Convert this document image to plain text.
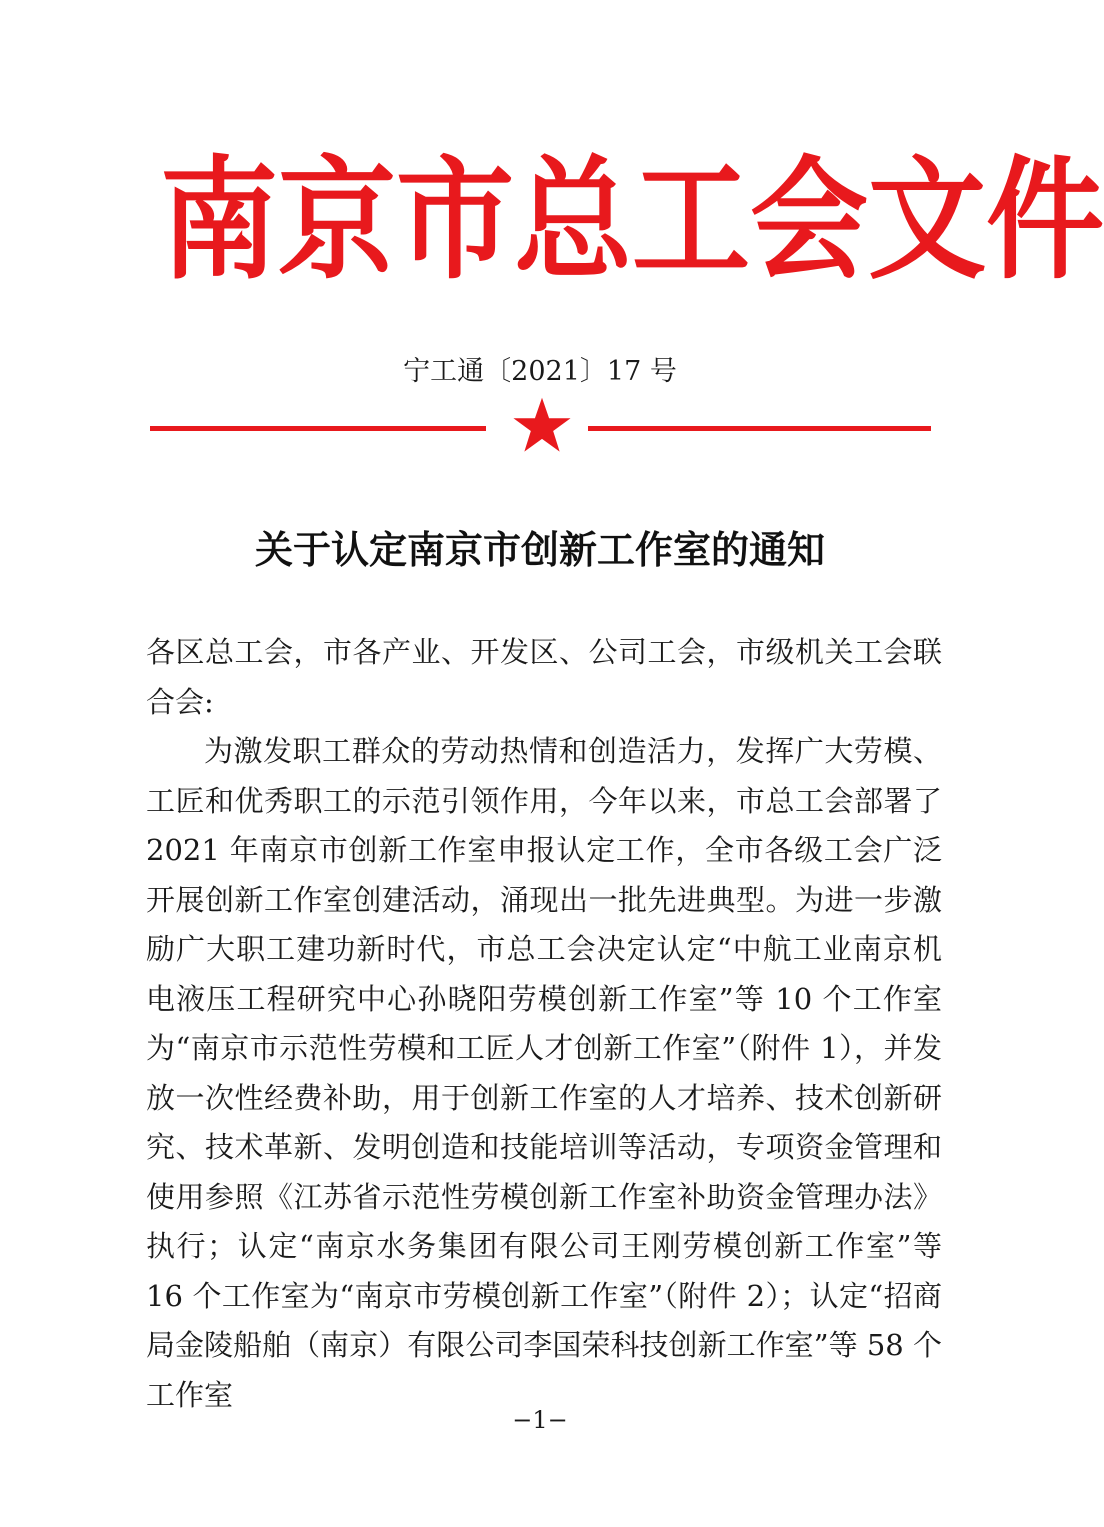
南 京 市 总 工 会 文 件
宁工通〔2021〕17 号
关于认定南京市创新工作室的通知

各区总工会，市各产业、开发区、公司工会，市级机关工会联合会:

为激发职工群众的劳动热情和创造活力，发挥广大劳模、工匠和优秀职工的示范引领作用，今年以来，市总工会部署了 2021 年南京市创新工作室申报认定工作，全市各级工会广泛开展创新工作室创建活动，涌现出一批先进典型。为进一步激励广大职工建功新时代，市总工会决定认定“中航工业南京机电液压工程研究中心孙晓阳劳模创新工作室”等 10 个工作室为“南京市示范性劳模和工匠人才创新工作室”（附件 1），并发放一次性经费补助，用于创新工作室的人才培养、技术创新研究、技术革新、发明创造和技能培训等活动，专项资金管理和使用参照《江苏省示范性劳模创新工作室补助资金管理办法》执行；认定“南京水务集团有限公司王刚劳模创新工作室”等 16 个工作室为“南京市劳模创新工作室”（附件 2）；认定“招商局金陵船舶（南京）有限公司李国荣科技创新工作室”等 58 个工作室

−1−
